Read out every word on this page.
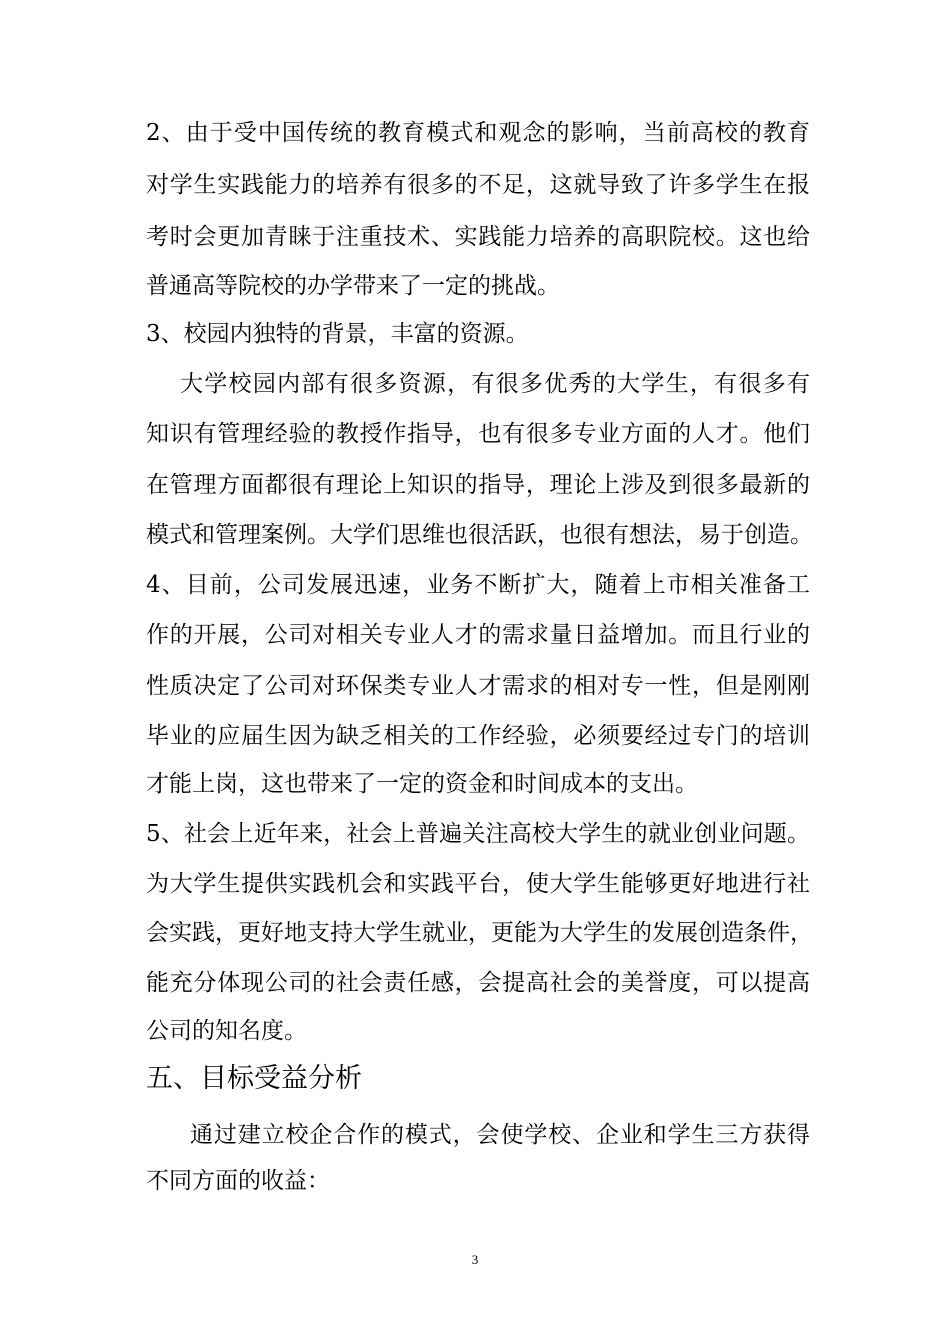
2、由于受中国传统的教育模式和观念的影响，当前高校的教育
对学生实践能力的培养有很多的不足，这就导致了许多学生在报
考时会更加青睐于注重技术、实践能力培养的高职院校。这也给
普通高等院校的办学带来了一定的挑战。
3、校园内独特的背景，丰富的资源。
大学校园内部有很多资源，有很多优秀的大学生，有很多有
知识有管理经验的教授作指导，也有很多专业方面的人才。他们
在管理方面都很有理论上知识的指导，理论上涉及到很多最新的
模式和管理案例。大学们思维也很活跃，也很有想法，易于创造。
4、目前，公司发展迅速，业务不断扩大，随着上市相关准备工
作的开展，公司对相关专业人才的需求量日益增加。而且行业的
性质决定了公司对环保类专业人才需求的相对专一性，但是刚刚
毕业的应届生因为缺乏相关的工作经验，必须要经过专门的培训
才能上岗，这也带来了一定的资金和时间成本的支出。
5、社会上近年来，社会上普遍关注高校大学生的就业创业问题。
为大学生提供实践机会和实践平台，使大学生能够更好地进行社
会实践，更好地支持大学生就业，更能为大学生的发展创造条件，
能充分体现公司的社会责任感，会提高社会的美誉度，可以提高
公司的知名度。
五、目标受益分析
通过建立校企合作的模式，会使学校、企业和学生三方获得
不同方面的收益：
3
